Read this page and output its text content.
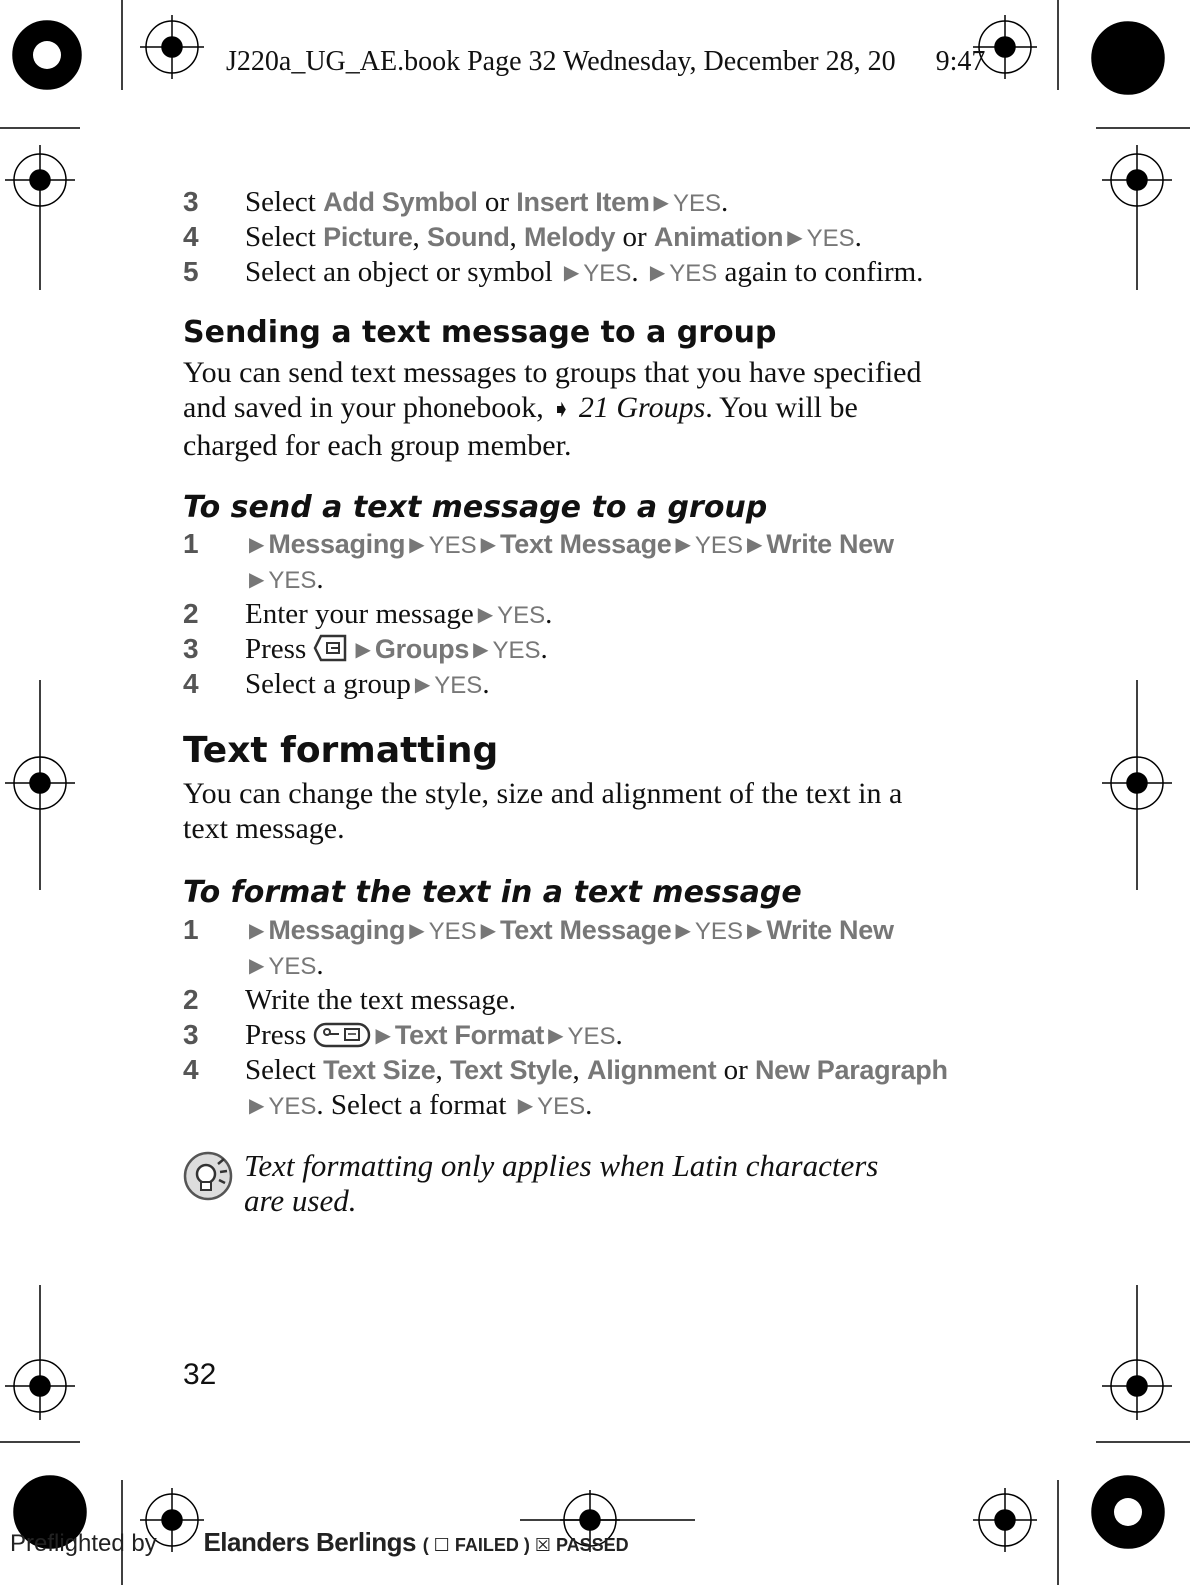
J220a_UG_AE.book Page 32 Wednesday, December 28, 20 9:47
3	Select Add Symbol or Insert Item ▶ YES.
4	Select Picture, Sound, Melody or Animation ▶ YES.
5	Select an object or symbol ▶ YES. ▶ YES again to confirm.
Sending a text message to a group
You can send text messages to groups that you have specified
and saved in your phonebook, ➧ 21 Groups. You will be
charged for each group member.
To send a text message to a group
1	▶ Messaging ▶ YES ▶ Text Message ▶ YES ▶ Write New
▶ YES.
2	Enter your message ▶ YES.
3	Press ▶ Groups ▶ YES.
4	Select a group ▶ YES.
Text formatting
You can change the style, size and alignment of the text in a
text message.
To format the text in a text message
1	▶ Messaging ▶ YES ▶ Text Message ▶ YES ▶ Write New
▶ YES.
2	Write the text message.
3	Press	▶ Text Format ▶ YES.
4	Select Text Size, Text Style, Alignment or New Paragraph
▶ YES. Select a format ▶ YES.
Text formatting only applies when Latin characters
are used.
32
Preflighted by Elanders Berlings ( ☐ FAILED ) ☒ PASSED
